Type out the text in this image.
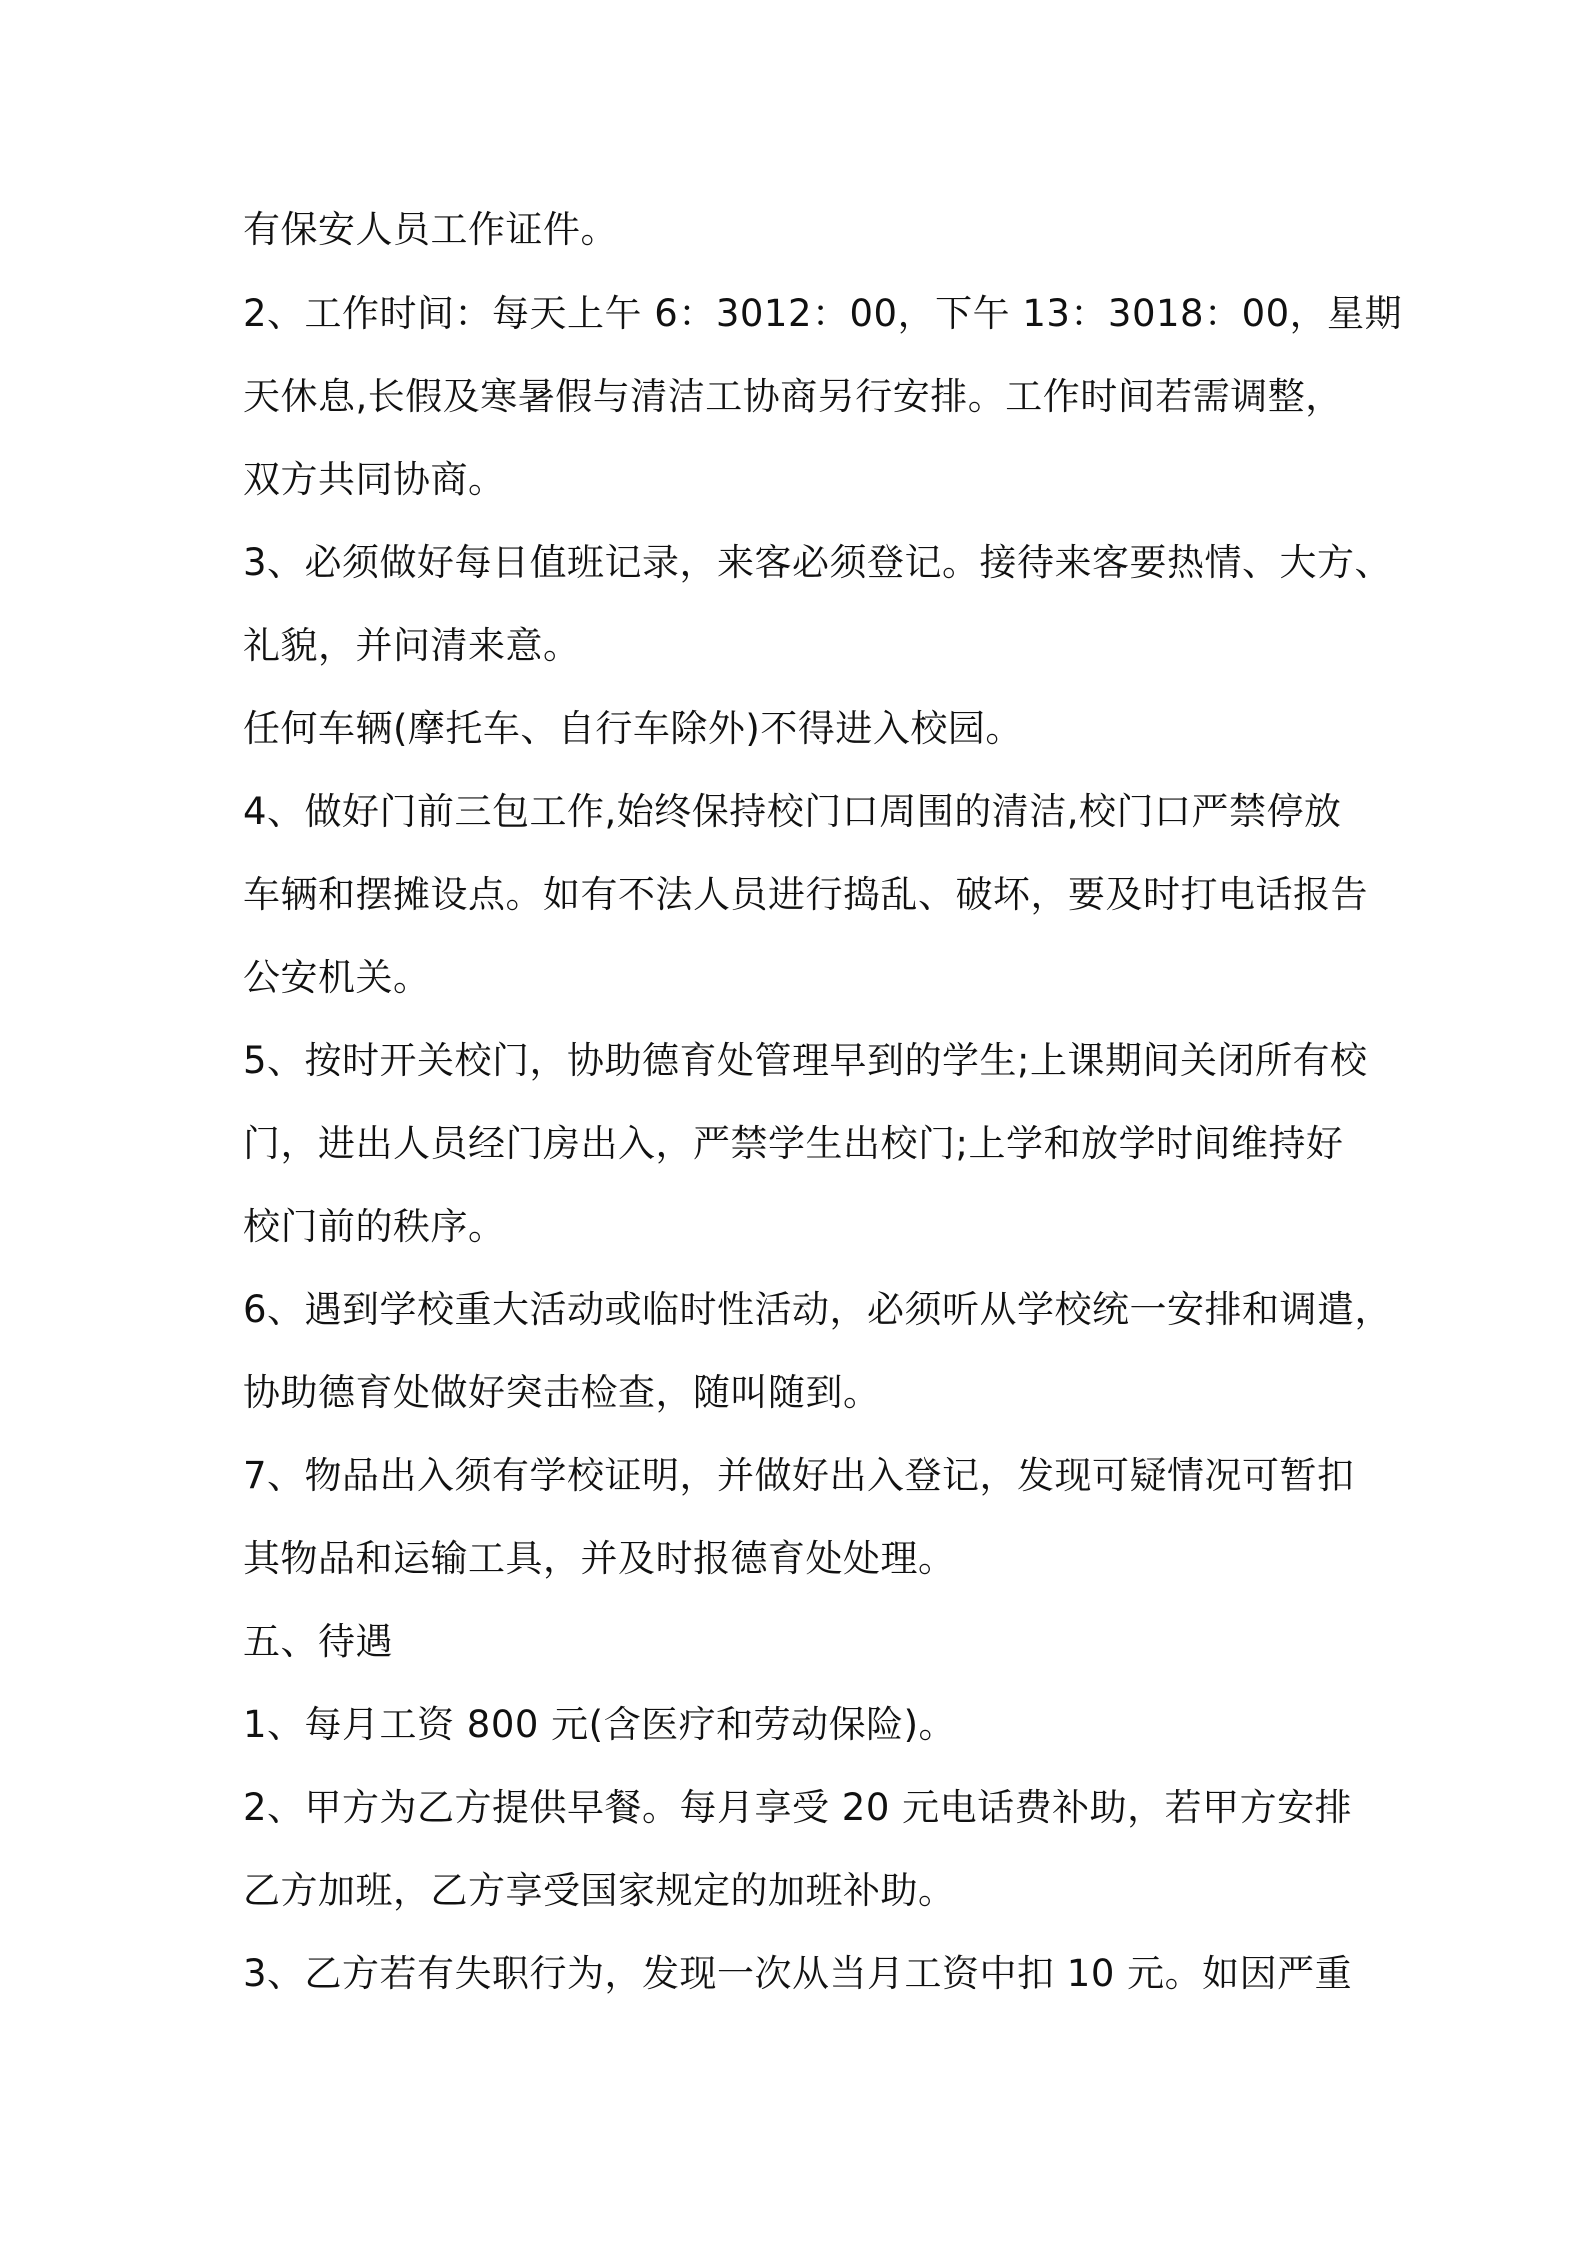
有保安人员工作证件。
2、工作时间：每天上午 6：3012：00，下午 13：3018：00，星期
天休息,长假及寒暑假与清洁工协商另行安排。工作时间若需调整，
双方共同协商。
3、必须做好每日值班记录，来客必须登记。接待来客要热情、大方、
礼貌，并问清来意。
任何车辆(摩托车、自行车除外)不得进入校园。
4、做好门前三包工作,始终保持校门口周围的清洁,校门口严禁停放
车辆和摆摊设点。如有不法人员进行捣乱、破坏，要及时打电话报告
公安机关。
5、按时开关校门，协助德育处管理早到的学生;上课期间关闭所有校
门，进出人员经门房出入，严禁学生出校门;上学和放学时间维持好
校门前的秩序。
6、遇到学校重大活动或临时性活动，必须听从学校统一安排和调遣，
协助德育处做好突击检查，随叫随到。
7、物品出入须有学校证明，并做好出入登记，发现可疑情况可暂扣
其物品和运输工具，并及时报德育处处理。
五、待遇
1、每月工资 800 元(含医疗和劳动保险)。
2、甲方为乙方提供早餐。每月享受 20 元电话费补助，若甲方安排
乙方加班，乙方享受国家规定的加班补助。
3、乙方若有失职行为，发现一次从当月工资中扣 10 元。如因严重
